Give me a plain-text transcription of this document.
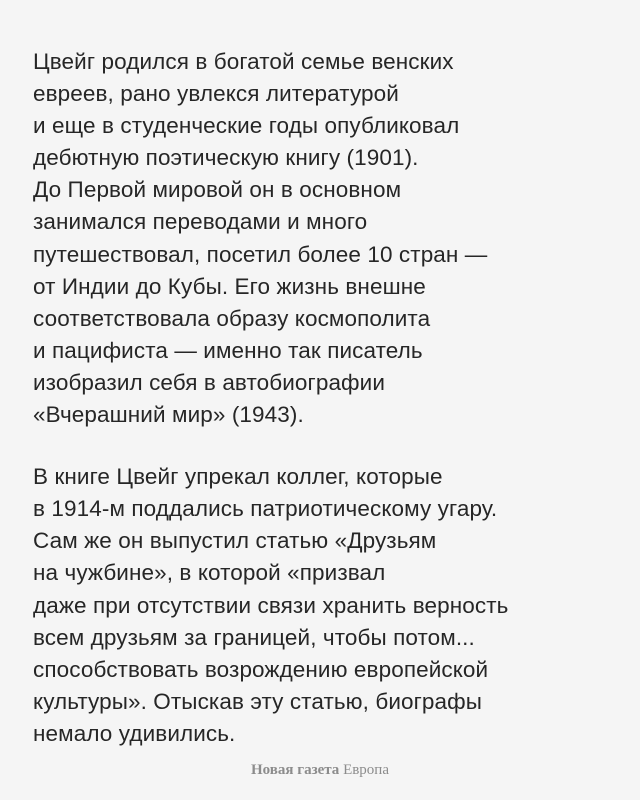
Цвейг родился в богатой семье венских
евреев, рано увлекся литературой
и еще в студенческие годы опубликовал
дебютную поэтическую книгу (1901).
До Первой мировой он в основном
занимался переводами и много
путешествовал, посетил более 10 стран —
от Индии до Кубы. Его жизнь внешне
соответствовала образу космополита
и пацифиста — именно так писатель
изобразил себя в автобиографии
«Вчерашний мир» (1943).

В книге Цвейг упрекал коллег, которые
в 1914-м поддались патриотическому угару.
Сам же он выпустил статью «Друзьям
на чужбине», в которой «призвал
даже при отсутствии связи хранить верность
всем друзьям за границей, чтобы потом...
способствовать возрождению европейской
культуры». Отыскав эту статью, биографы
немало удивились.

Новая газета Европа
